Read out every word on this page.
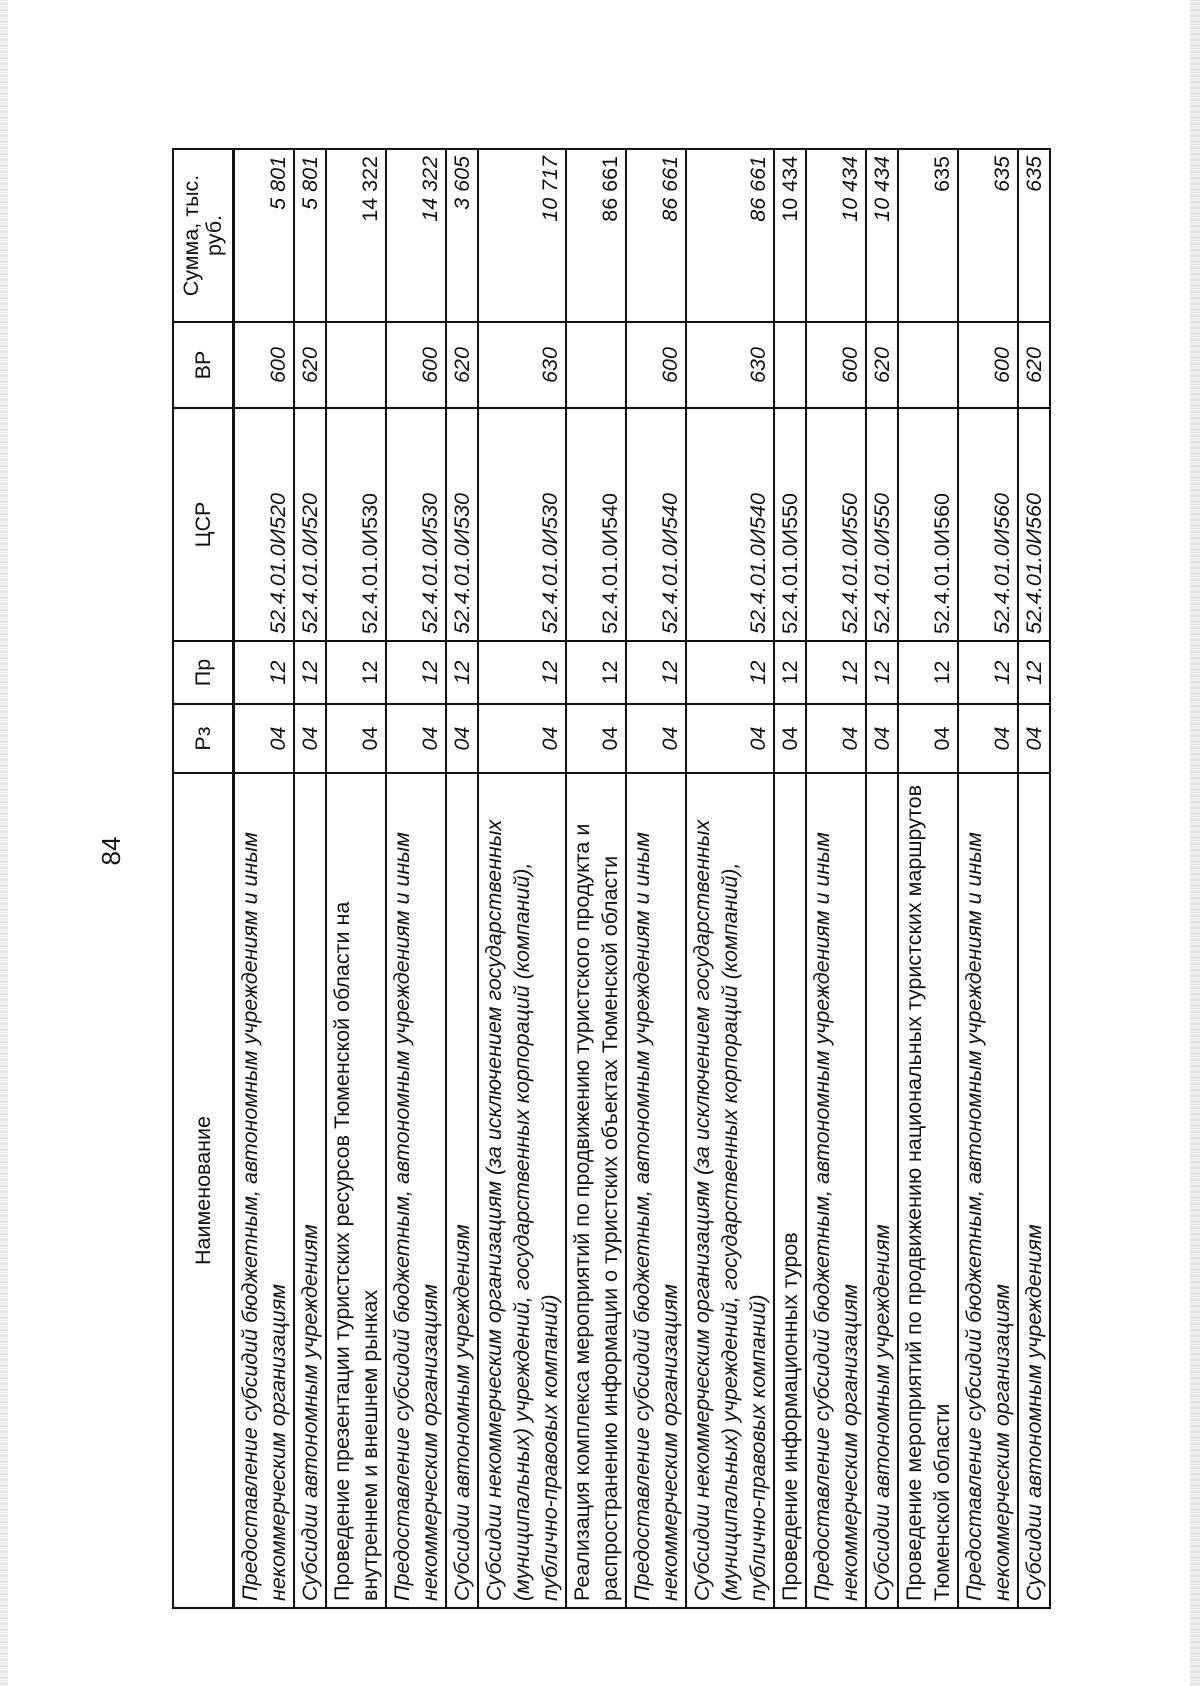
84
Наименование	Рз	Пр	ЦСР	ВР	Сумма, тыс. руб.
Предоставление субсидий бюджетным, автономным учреждениям и иным некоммерческим организациям	04	12	52.4.01.0И520	600	5 801
Субсидии автономным учреждениям	04	12	52.4.01.0И520	620	5 801
Проведение презентации туристских ресурсов Тюменской области на внутреннем и внешнем рынках	04	12	52.4.01.0И530		14 322
Предоставление субсидий бюджетным, автономным учреждениям и иным некоммерческим организациям	04	12	52.4.01.0И530	600	14 322
Субсидии автономным учреждениям	04	12	52.4.01.0И530	620	3 605
Субсидии некоммерческим организациям (за исключением государственных (муниципальных) учреждений, государственных корпораций (компаний), публично-правовых компаний)	04	12	52.4.01.0И530	630	10 717
Реализация комплекса мероприятий по продвижению туристского продукта и распространению информации о туристских объектах Тюменской области	04	12	52.4.01.0И540		86 661
Предоставление субсидий бюджетным, автономным учреждениям и иным некоммерческим организациям	04	12	52.4.01.0И540	600	86 661
Субсидии некоммерческим организациям (за исключением государственных (муниципальных) учреждений, государственных корпораций (компаний), публично-правовых компаний)	04	12	52.4.01.0И540	630	86 661
Проведение информационных туров	04	12	52.4.01.0И550		10 434
Предоставление субсидий бюджетным, автономным учреждениям и иным некоммерческим организациям	04	12	52.4.01.0И550	600	10 434
Субсидии автономным учреждениям	04	12	52.4.01.0И550	620	10 434
Проведение мероприятий по продвижению национальных туристских маршрутов Тюменской области	04	12	52.4.01.0И560		635
Предоставление субсидий бюджетным, автономным учреждениям и иным некоммерческим организациям	04	12	52.4.01.0И560	600	635
Субсидии автономным учреждениям	04	12	52.4.01.0И560	620	635
